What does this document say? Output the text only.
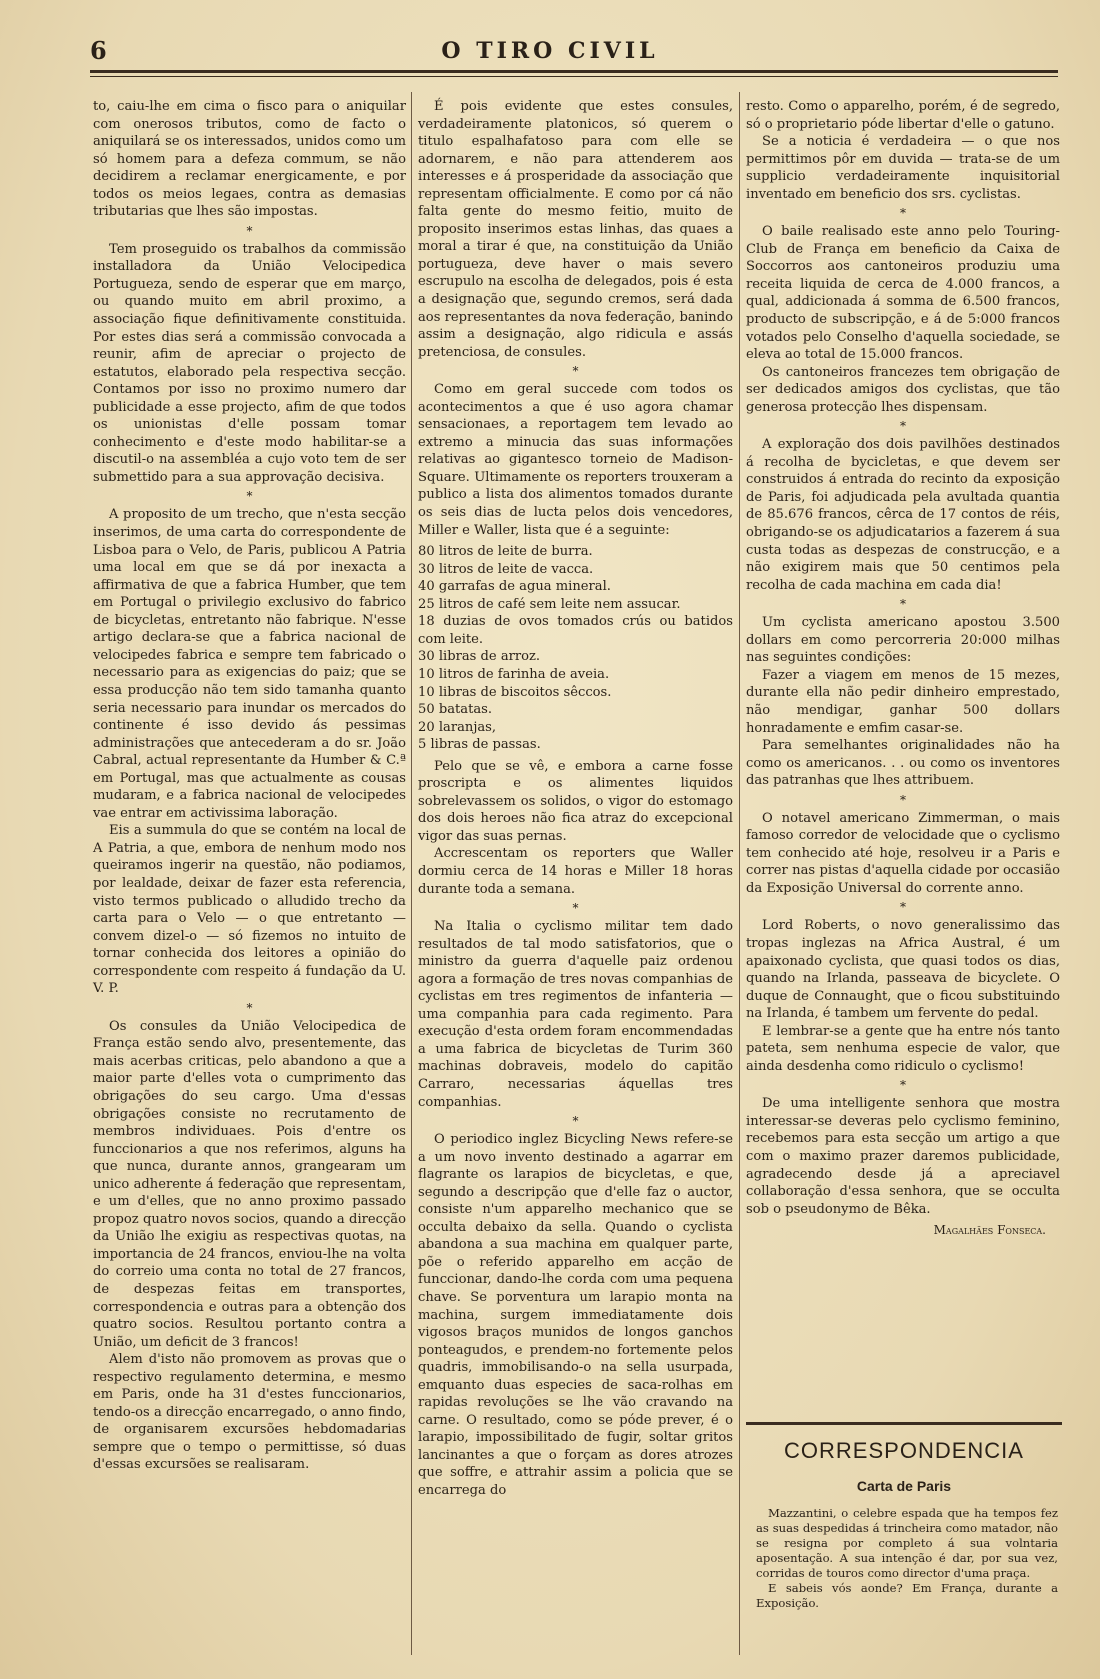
6	O TIRO CIVIL

to, caiu-lhe em cima o fisco para o aniquilar com onerosos tributos, como de facto o aniquilará se os interessados, unidos como um só homem para a defeza commum, se não decidirem a reclamar energicamente, e por todos os meios legaes, contra as demasias tributarias que lhes são impostas.

*

Tem proseguido os trabalhos da commissão installadora da União Velocipedica Portugueza, sendo de esperar que em março, ou quando muito em abril proximo, a associação fique definitivamente constituida. Por estes dias será a commissão convocada a reunir, afim de apreciar o projecto de estatutos, elaborado pela respectiva secção. Contamos por isso no proximo numero dar publicidade a esse projecto, afim de que todos os unionistas d'elle possam tomar conhecimento e d'este modo habilitar-se a discutil-o na assembléa a cujo voto tem de ser submettido para a sua approvação decisiva.

*

A proposito de um trecho, que n'esta secção inserimos, de uma carta do correspondente de Lisboa para o Velo, de Paris, publicou A Patria uma local em que se dá por inexacta a affirmativa de que a fabrica Humber, que tem em Portugal o privilegio exclusivo do fabrico de bicycletas, entretanto não fabrique. N'esse artigo declara-se que a fabrica nacional de velocipedes fabrica e sempre tem fabricado o necessario para as exigencias do paiz; que se essa producção não tem sido tamanha quanto seria necessario para inundar os mercados do continente é isso devido ás pessimas administrações que antecederam a do sr. João Cabral, actual representante da Humber & C.ª em Portugal, mas que actualmente as cousas mudaram, e a fabrica nacional de velocipedes vae entrar em activissima laboração.

Eis a summula do que se contém na local de A Patria, a que, embora de nenhum modo nos queiramos ingerir na questão, não podiamos, por lealdade, deixar de fazer esta referencia, visto termos publicado o alludido trecho da carta para o Velo — o que entretanto — convem dizel-o — só fizemos no intuito de tornar conhecida dos leitores a opinião do correspondente com respeito á fundação da U. V. P.

*

Os consules da União Velocipedica de França estão sendo alvo, presentemente, das mais acerbas criticas, pelo abandono a que a maior parte d'elles vota o cumprimento das obrigações do seu cargo. Uma d'essas obrigações consiste no recrutamento de membros individuaes. Pois d'entre os funccionarios a que nos referimos, alguns ha que nunca, durante annos, grangearam um unico adherente á federação que representam, e um d'elles, que no anno proximo passado propoz quatro novos socios, quando a direcção da União lhe exigiu as respectivas quotas, na importancia de 24 francos, enviou-lhe na volta do correio uma conta no total de 27 francos, de despezas feitas em transportes, correspondencia e outras para a obtenção dos quatro socios. Resultou portanto contra a União, um deficit de 3 francos!

Alem d'isto não promovem as provas que o respectivo regulamento determina, e mesmo em Paris, onde ha 31 d'estes funccionarios, tendo-os a direcção encarregado, o anno findo, de organisarem excursões hebdomadarias sempre que o tempo o permittisse, só duas d'essas excursões se realisaram.

É pois evidente que estes consules, verdadeiramente platonicos, só querem o titulo espalhafatoso para com elle se adornarem, e não para attenderem aos interesses e á prosperidade da associação que representam officialmente. E como por cá não falta gente do mesmo feitio, muito de proposito inserimos estas linhas, das quaes a moral a tirar é que, na constituição da União portugueza, deve haver o mais severo escrupulo na escolha de delegados, pois é esta a designação que, segundo cremos, será dada aos representantes da nova federação, banindo assim a designação, algo ridicula e assás pretenciosa, de consules.

*

Como em geral succede com todos os acontecimentos a que é uso agora chamar sensacionaes, a reportagem tem levado ao extremo a minucia das suas informações relativas ao gigantesco torneio de Madison-Square. Ultimamente os reporters trouxeram a publico a lista dos alimentos tomados durante os seis dias de lucta pelos dois vencedores, Miller e Waller, lista que é a seguinte:

80 litros de leite de burra.
30 litros de leite de vacca.
40 garrafas de agua mineral.
25 litros de café sem leite nem assucar.
18 duzias de ovos tomados crús ou batidos com leite.
30 libras de arroz.
10 litros de farinha de aveia.
10 libras de biscoitos sêccos.
50 batatas.
20 laranjas,
5 libras de passas.

Pelo que se vê, e embora a carne fosse proscripta e os alimentes liquidos sobrelevassem os solidos, o vigor do estomago dos dois heroes não fica atraz do excepcional vigor das suas pernas.

Accrescentam os reporters que Waller dormiu cerca de 14 horas e Miller 18 horas durante toda a semana.

*

Na Italia o cyclismo militar tem dado resultados de tal modo satisfatorios, que o ministro da guerra d'aquelle paiz ordenou agora a formação de tres novas companhias de cyclistas em tres regimentos de infanteria — uma companhia para cada regimento. Para execução d'esta ordem foram encommendadas a uma fabrica de bicycletas de Turim 360 machinas dobraveis, modelo do capitão Carraro, necessarias áquellas tres companhias.

*

O periodico inglez Bicycling News refere-se a um novo invento destinado a agarrar em flagrante os larapios de bicycletas, e que, segundo a descripção que d'elle faz o auctor, consiste n'um apparelho mechanico que se occulta debaixo da sella. Quando o cyclista abandona a sua machina em qualquer parte, põe o referido apparelho em acção de funccionar, dando-lhe corda com uma pequena chave. Se porventura um larapio monta na machina, surgem immediatamente dois vigosos braços munidos de longos ganchos ponteagudos, e prendem-no fortemente pelos quadris, immobilisando-o na sella usurpada, emquanto duas especies de saca-rolhas em rapidas revoluções se lhe vão cravando na carne. O resultado, como se póde prever, é o larapio, impossibilitado de fugir, soltar gritos lancinantes a que o forçam as dores atrozes que soffre, e attrahir assim a policia que se encarrega do

resto. Como o apparelho, porém, é de segredo, só o proprietario póde libertar d'elle o gatuno.

Se a noticia é verdadeira — o que nos permittimos pôr em duvida — trata-se de um supplicio verdadeiramente inquisitorial inventado em beneficio dos srs. cyclistas.

*

O baile realisado este anno pelo Touring-Club de França em beneficio da Caixa de Soccorros aos cantoneiros produziu uma receita liquida de cerca de 4.000 francos, a qual, addicionada á somma de 6.500 francos, producto de subscripção, e á de 5:000 francos votados pelo Conselho d'aquella sociedade, se eleva ao total de 15.000 francos.

Os cantoneiros francezes tem obrigação de ser dedicados amigos dos cyclistas, que tão generosa protecção lhes dispensam.

*

A exploração dos dois pavilhões destinados á recolha de bycicletas, e que devem ser construidos á entrada do recinto da exposição de Paris, foi adjudicada pela avultada quantia de 85.676 francos, cêrca de 17 contos de réis, obrigando-se os adjudicatarios a fazerem á sua custa todas as despezas de construcção, e a não exigirem mais que 50 centimos pela recolha de cada machina em cada dia!

*

Um cyclista americano apostou 3.500 dollars em como percorreria 20:000 milhas nas seguintes condições:

Fazer a viagem em menos de 15 mezes, durante ella não pedir dinheiro emprestado, não mendigar, ganhar 500 dollars honradamente e emfim casar-se.

Para semelhantes originalidades não ha como os americanos. . . ou como os inventores das patranhas que lhes attribuem.

*

O notavel americano Zimmerman, o mais famoso corredor de velocidade que o cyclismo tem conhecido até hoje, resolveu ir a Paris e correr nas pistas d'aquella cidade por occasião da Exposição Universal do corrente anno.

*

Lord Roberts, o novo generalissimo das tropas inglezas na Africa Austral, é um apaixonado cyclista, que quasi todos os dias, quando na Irlanda, passeava de bicyclete. O duque de Connaught, que o ficou substituindo na Irlanda, é tambem um fervente do pedal.

E lembrar-se a gente que ha entre nós tanto pateta, sem nenhuma especie de valor, que ainda desdenha como ridiculo o cyclismo!

*

De uma intelligente senhora que mostra interessar-se deveras pelo cyclismo feminino, recebemos para esta secção um artigo a que com o maximo prazer daremos publicidade, agradecendo desde já a apreciavel collaboração d'essa senhora, que se occulta sob o pseudonymo de Bêka.

Magalhães Fonseca.
CORRESPONDENCIA
Carta de Paris

Mazzantini, o celebre espada que ha tempos fez as suas despedidas á trincheira como matador, não se resigna por completo á sua volntaria aposentação. A sua intenção é dar, por sua vez, corridas de touros como director d'uma praça.

E sabeis vós aonde? Em França, durante a Exposição.
